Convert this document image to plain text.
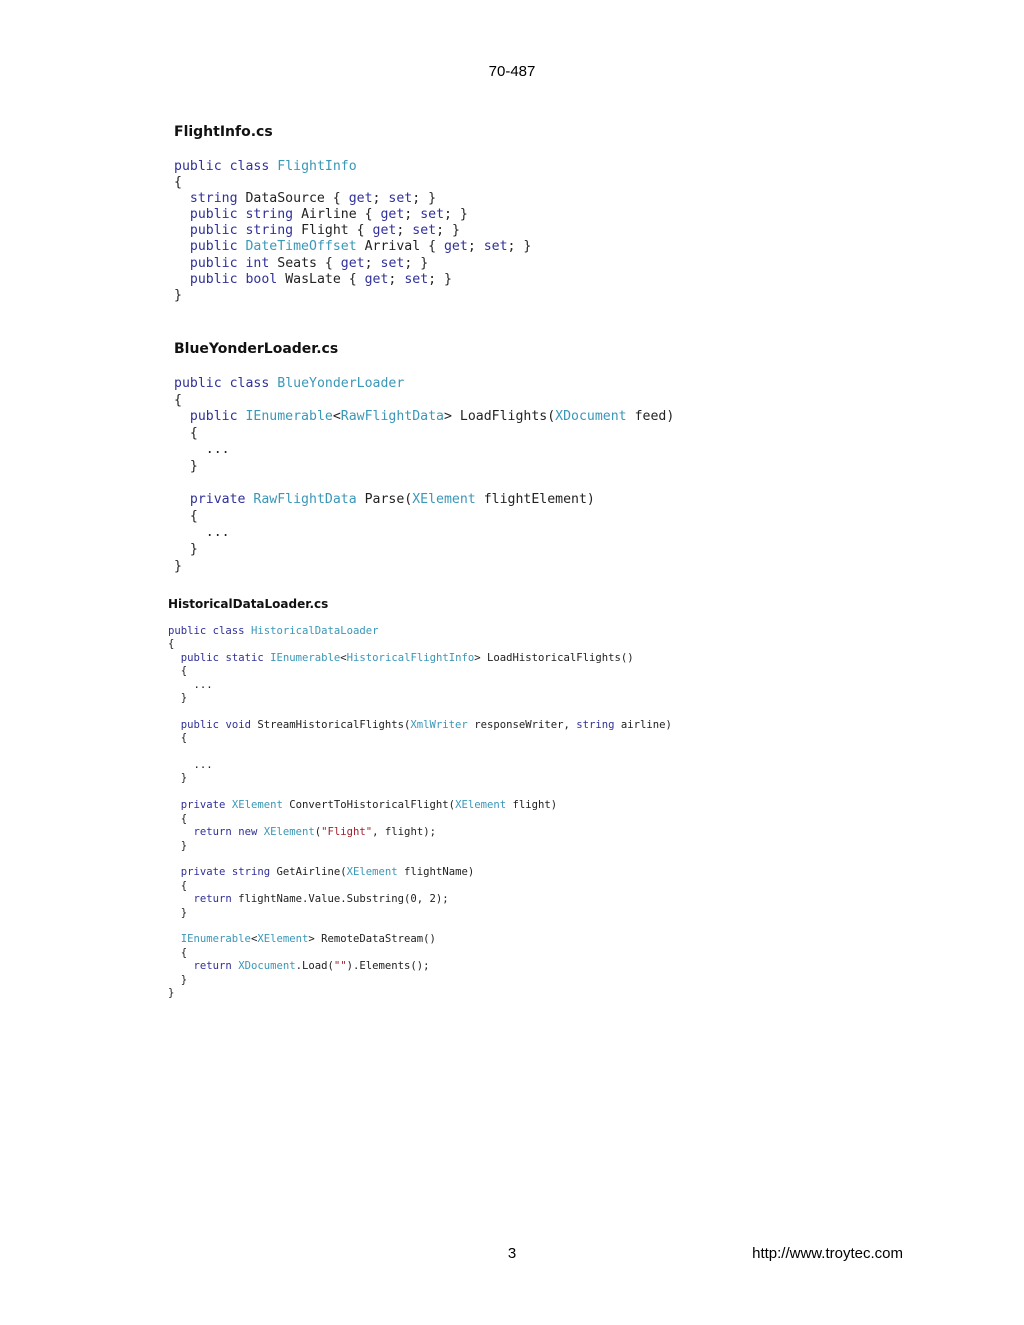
70-487

FlightInfo.cs

public class FlightInfo
{
string DataSource { get; set; }
public string Airline { get; set; }
public string Flight { get; set; }
public DateTimeOffset Arrival { get; set; }
public int Seats { get; set; }
public bool WasLate { get; set; }
}

BlueYonderLoader.cs

public class BlueYonderLoader
{
public IEnumerable<RawFlightData> LoadFlights(XDocument feed)
{
...
}
private RawFlightData Parse(XElement flightElement)
{
...
}
}

HistoricalDataLoader.cs

public class HistoricalDataLoader
{
public static IEnumerable<HistoricalFlightInfo> LoadHistoricalFlights()
{
...
}
public void StreamHistoricalFlights(XmlWriter responseWriter, string airline)
{
...
}
private XElement ConvertToHistoricalFlight(XElement flight)
{
return new XElement("Flight", flight);
}
private string GetAirline(XElement flightName)
{
return flightName.Value.Substring(0, 2);
}
IEnumerable<XElement> RemoteDataStream()
{
return XDocument.Load("").Elements();
}
}
3	http://www.troytec.com
